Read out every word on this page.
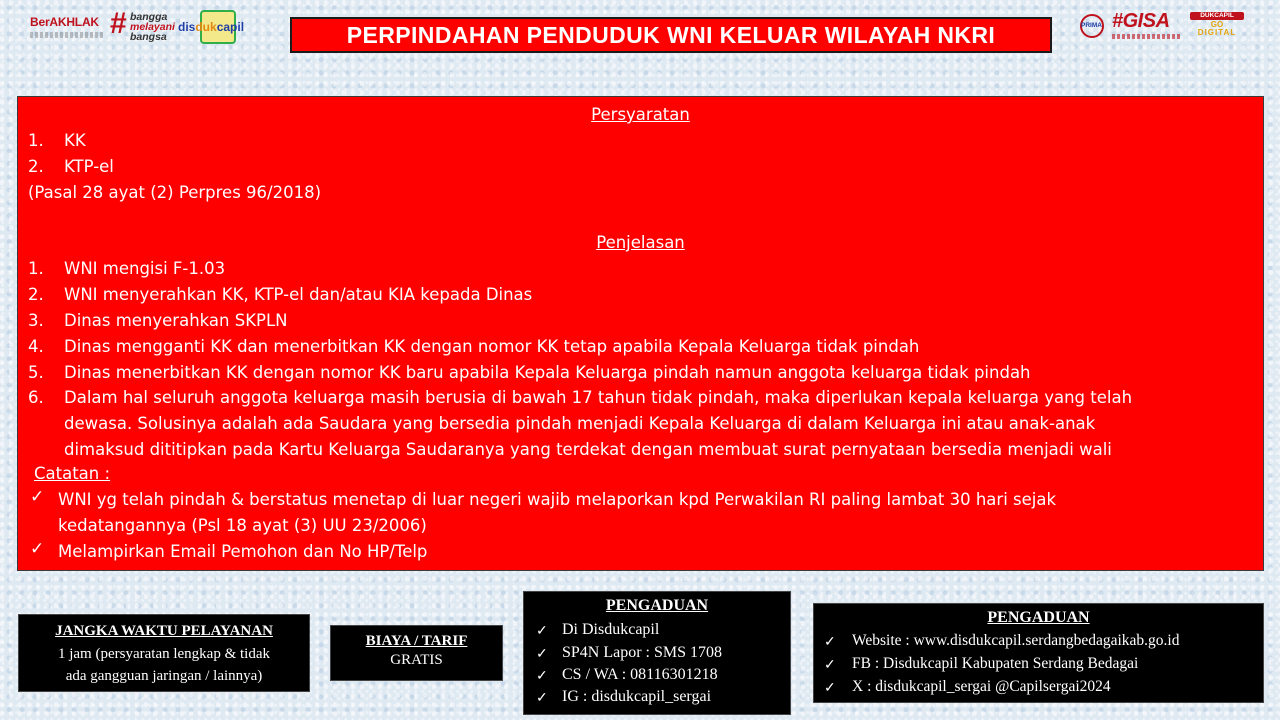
BerAKHLAK # bangga
melayani
bangsa
disdukcapil	PERPINDAHAN PENDUDUK WNI KELUAR WILAYAH NKRI	PRIMA #GISA	DUKCAPIL
GO
DIGITAL
Persyaratan
1. KK
2. KTP-el
(Pasal 28 ayat (2) Perpres 96/2018)
Penjelasan
1. WNI mengisi F-1.03
2. WNI menyerahkan KK, KTP-el dan/atau KIA kepada Dinas
3. Dinas menyerahkan SKPLN
4. Dinas mengganti KK dan menerbitkan KK dengan nomor KK tetap apabila Kepala Keluarga tidak pindah
5. Dinas menerbitkan KK dengan nomor KK baru apabila Kepala Keluarga pindah namun anggota keluarga tidak pindah
6. Dalam hal seluruh anggota keluarga masih berusia di bawah 17 tahun tidak pindah, maka diperlukan kepala keluarga yang telah
dewasa. Solusinya adalah ada Saudara yang bersedia pindah menjadi Kepala Keluarga di dalam Keluarga ini atau anak-anak
dimaksud dititipkan pada Kartu Keluarga Saudaranya yang terdekat dengan membuat surat pernyataan bersedia menjadi wali
Catatan :
✓ WNI yg telah pindah & berstatus menetap di luar negeri wajib melaporkan kpd Perwakilan RI paling lambat 30 hari sejak
kedatangannya (Psl 18 ayat (3) UU 23/2006)
✓ Melampirkan Email Pemohon dan No HP/Telp
JANGKA WAKTU PELAYANAN
1 jam (persyaratan lengkap & tidak
ada gangguan jaringan / lainnya)
BIAYA / TARIF
GRATIS
PENGADUAN
✓ Di Disdukcapil
✓ SP4N Lapor : SMS 1708
✓ CS / WA : 08116301218
✓ IG : disdukcapil_sergai
PENGADUAN
✓ Website : www.disdukcapil.serdangbedagaikab.go.id
✓ FB : Disdukcapil Kabupaten Serdang Bedagai
✓ X : disdukcapil_sergai @Capilsergai2024
